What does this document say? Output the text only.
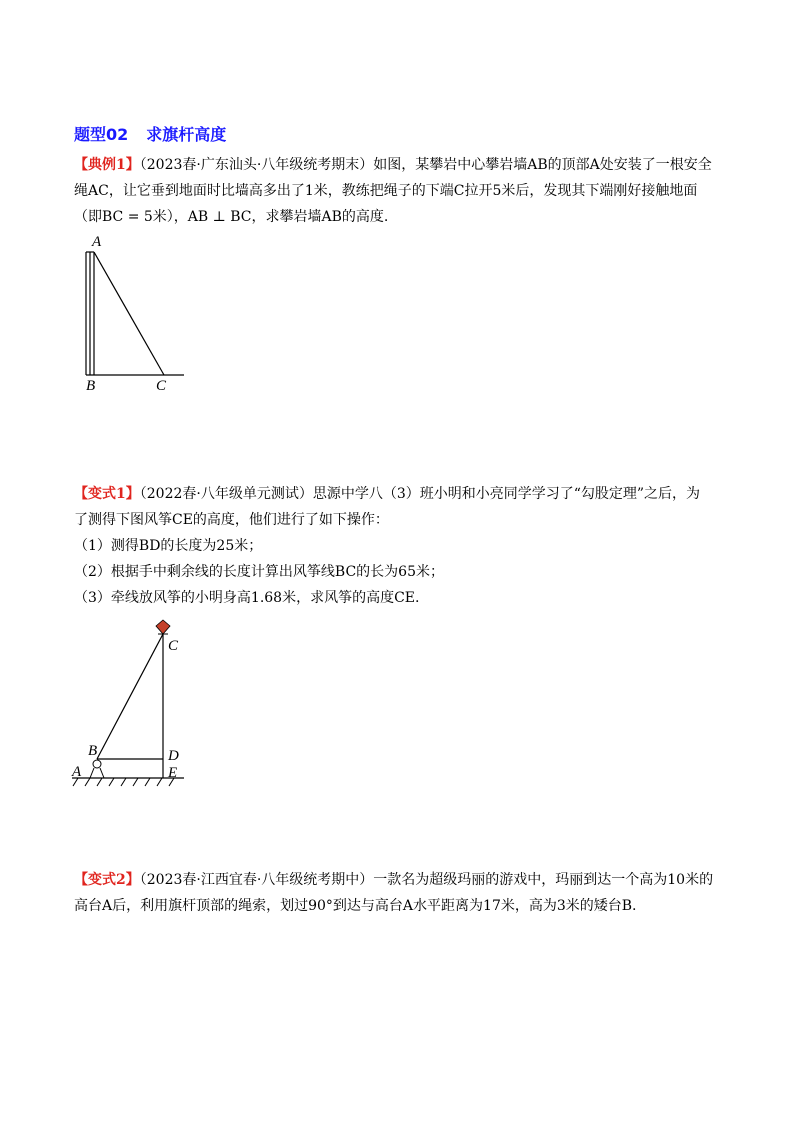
题型02 求旗杆高度
【典例1】（2023春·广东汕头·八年级统考期末）如图，某攀岩中心攀岩墙AB的顶部A处安装了一根安全
绳AC，让它垂到地面时比墙高多出了1米，教练把绳子的下端C拉开5米后，发现其下端刚好接触地面
（即BC = 5米），AB ⊥ BC，求攀岩墙AB的高度.
A
B	C
【变式1】（2022春·八年级单元测试）思源中学八（3）班小明和小亮同学学习了“勾股定理”之后，为
了测得下图风筝CE的高度，他们进行了如下操作：
（1）测得BD的长度为25米；
（2）根据手中剩余线的长度计算出风筝线BC的长为65米；
（3）牵线放风筝的小明身高1.68米，求风筝的高度CE.
C
B	D
A	E
【变式2】（2023春·江西宜春·八年级统考期中）一款名为超级玛丽的游戏中，玛丽到达一个高为10米的
高台A后，利用旗杆顶部的绳索，划过90°到达与高台A水平距离为17米，高为3米的矮台B.
